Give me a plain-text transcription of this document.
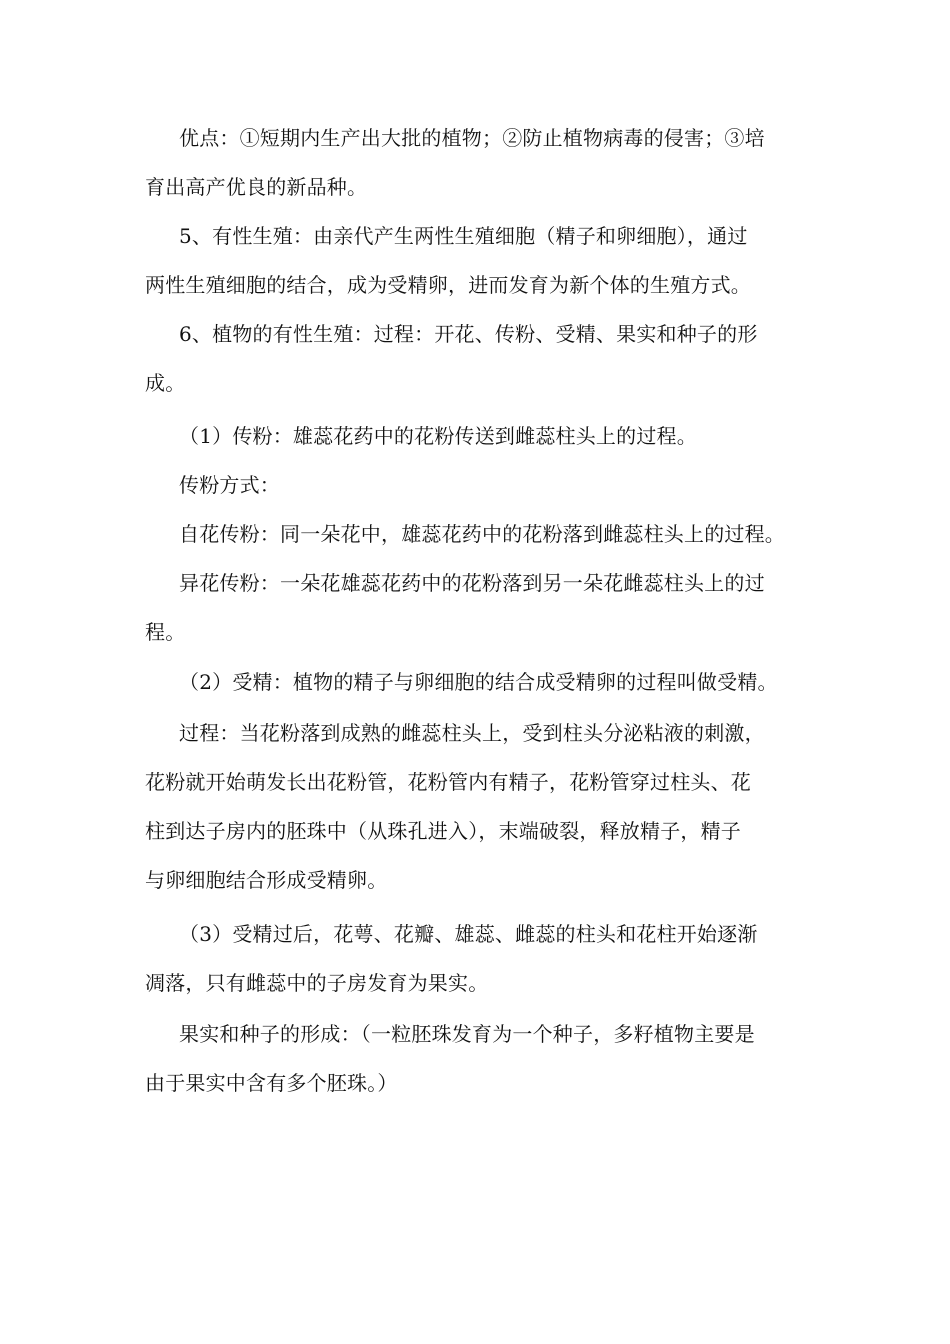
优点：①短期内生产出大批的植物；②防止植物病毒的侵害；③培
育出高产优良的新品种。
5、有性生殖：由亲代产生两性生殖细胞（精子和卵细胞），通过
两性生殖细胞的结合，成为受精卵，进而发育为新个体的生殖方式。
6、植物的有性生殖：过程：开花、传粉、受精、果实和种子的形
成。
（1）传粉：雄蕊花药中的花粉传送到雌蕊柱头上的过程。
传粉方式：
自花传粉：同一朵花中，雄蕊花药中的花粉落到雌蕊柱头上的过程。
异花传粉：一朵花雄蕊花药中的花粉落到另一朵花雌蕊柱头上的过
程。
（2）受精：植物的精子与卵细胞的结合成受精卵的过程叫做受精。
过程：当花粉落到成熟的雌蕊柱头上，受到柱头分泌粘液的刺激，
花粉就开始萌发长出花粉管，花粉管内有精子，花粉管穿过柱头、花
柱到达子房内的胚珠中（从珠孔进入），末端破裂，释放精子，精子
与卵细胞结合形成受精卵。
（3）受精过后，花萼、花瓣、雄蕊、雌蕊的柱头和花柱开始逐渐
凋落，只有雌蕊中的子房发育为果实。
果实和种子的形成：（一粒胚珠发育为一个种子，多籽植物主要是
由于果实中含有多个胚珠。）
